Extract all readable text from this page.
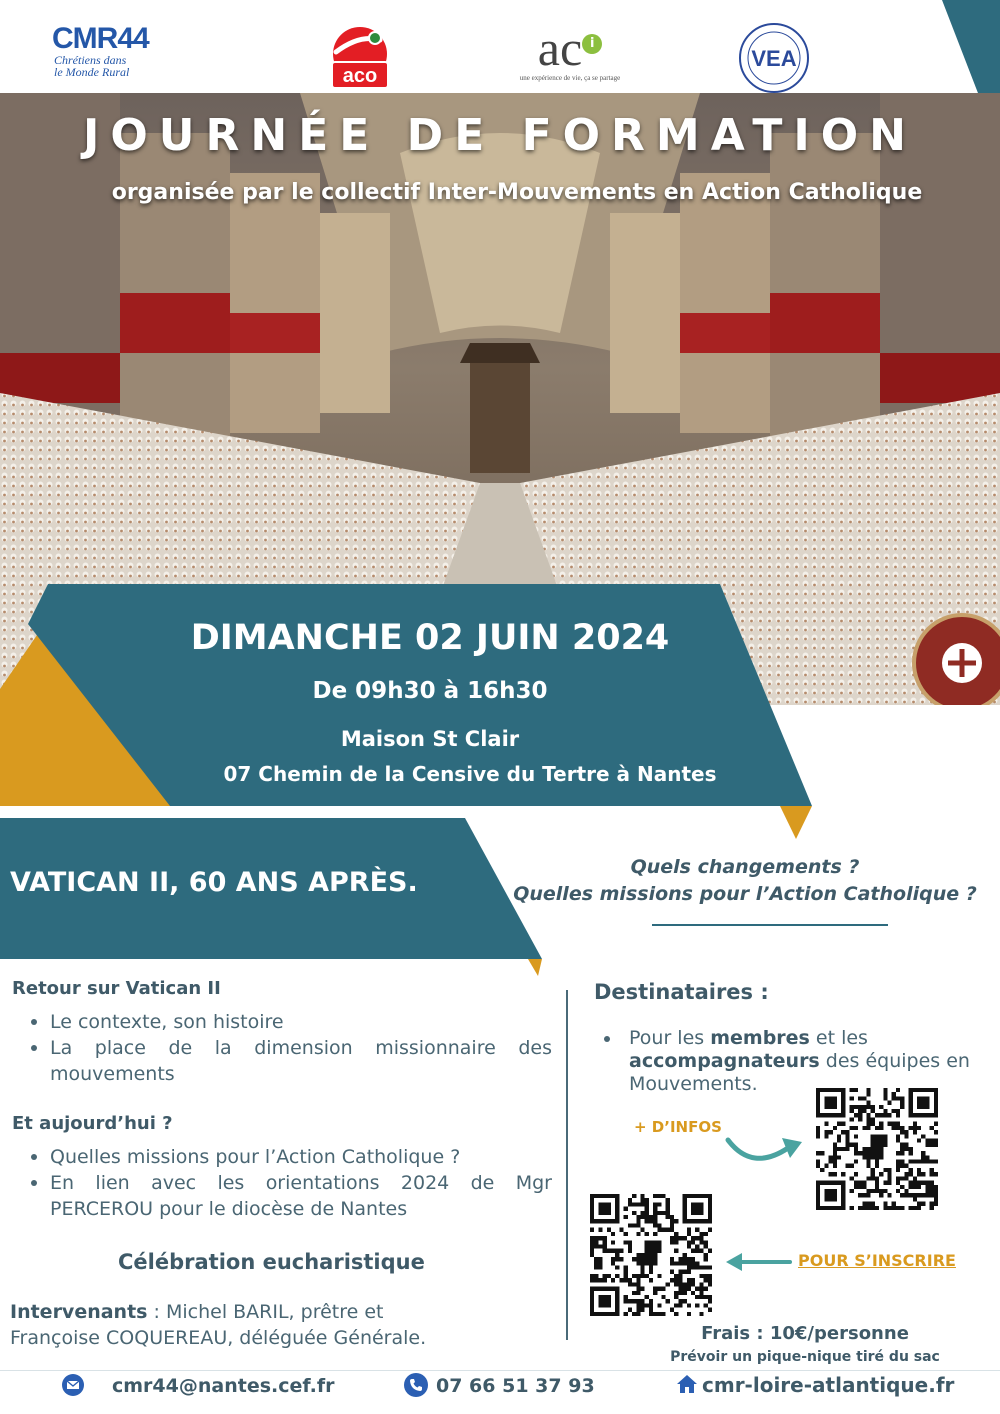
CMR44
Chrétiens dans
le Monde Rural	aco	ac i
une expérience de vie, ça se partage
VEA
JOURNÉE DE FORMATION
organisée par le collectif Inter-Mouvements en Action Catholique
DIMANCHE 02 JUIN 2024
De 09h30 à 16h30
Maison St Clair
07 Chemin de la Censive du Tertre à Nantes
VATICAN II, 60 ANS APRÈS.	Quels changements ?
Quelles missions pour l’Action Catholique ?
Retour sur Vatican II
Le contexte, son histoire
La place de la dimension missionnaire des mouvements
Et aujourd’hui ?
Quelles missions pour l’Action Catholique ?
En lien avec les orientations 2024 de Mgr PERCEROU pour le diocèse de Nantes
Célébration eucharistique
Intervenants : Michel BARIL, prêtre et
Françoise COQUEREAU, déléguée Générale.
Destinataires :
Pour les membres et les
accompagnateurs des équipes en
Mouvements.
+ D’INFOS
POUR S’INSCRIRE
Frais : 10€/personne
Prévoir un pique-nique tiré du sac
cmr44@nantes.cef.fr	07 66 51 37 93	cmr-loire-atlantique.fr
